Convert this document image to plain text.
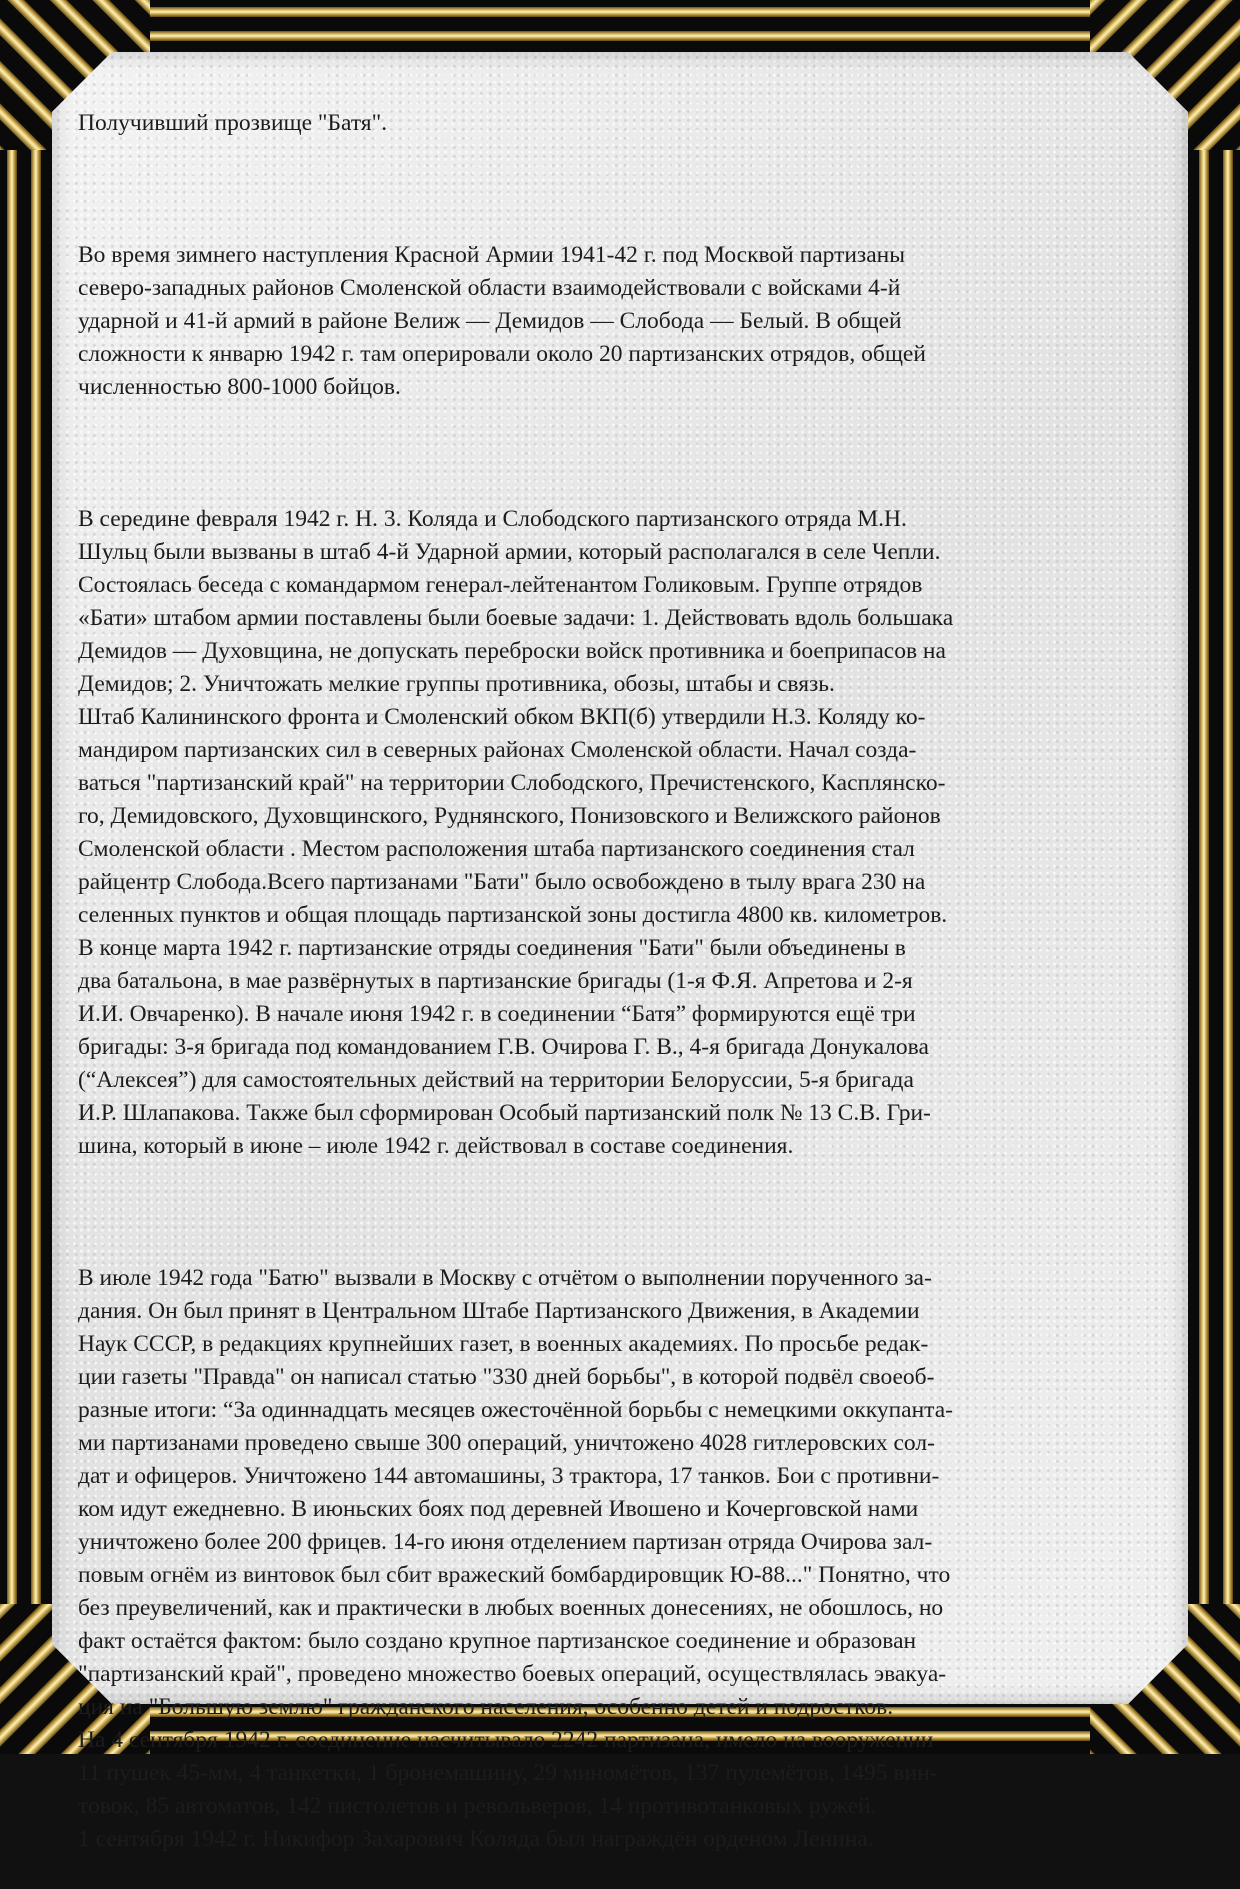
Получивший прозвище "Батя".

Во время зимнего наступления Красной Армии 1941-42 г. под Москвой партизаны
северо-западных районов Смоленской области взаимодействовали с войсками 4-й
ударной и 41-й армий в районе Велиж — Демидов — Слобода — Белый. В общей
сложности к январю 1942 г. там оперировали около 20 партизанских отрядов, общей
численностью 800-1000 бойцов.

В середине февраля 1942 г. Н. 3. Коляда и Слободского партизанского отряда М.Н.
Шульц были вызваны в штаб 4-й Ударной армии, который располагался в селе Чепли.
Состоялась беседа с командармом генерал-лейтенантом Голиковым. Группе отрядов
«Бати» штабом армии поставлены были боевые задачи: 1. Действовать вдоль большака
Демидов — Духовщина, не допускать переброски войск противника и боеприпасов на
Демидов; 2. Уничтожать мелкие группы противника, обозы, штабы и связь.
Штаб Калининского фронта и Смоленский обком ВКП(б) утвердили Н.3. Коляду ко-
мандиром партизанских сил в северных районах Смоленской области. Начал созда-
ваться "партизанский край" на территории Слободского, Пречистенского, Касплянско-
го, Демидовского, Духовщинского, Руднянского, Понизовского и Велижского районов
Смоленской области . Местом расположения штаба партизанского соединения стал
райцентр Слобода.Всего партизанами "Бати" было освобождено в тылу врага 230 на
селенных пунктов и общая площадь партизанской зоны достигла 4800 кв. километров.
В конце марта 1942 г. партизанские отряды соединения "Бати" были объединены в
два батальона, в мае развёрнутых в партизанские бригады (1-я Ф.Я. Апретова и 2-я
И.И. Овчаренко). В начале июня 1942 г. в соединении “Батя” формируются ещё три
бригады: 3-я бригада под командованием Г.В. Очирова Г. В., 4-я бригада Донукалова
(“Алексея”) для самостоятельных действий на территории Белоруссии, 5-я бригада
И.Р. Шлапакова. Также был сформирован Особый партизанский полк № 13 С.В. Гри-
шина, который в июне – июле 1942 г. действовал в составе соединения.

В июле 1942 года "Батю" вызвали в Москву с отчётом о выполнении порученного за-
дания. Он был принят в Центральном Штабе Партизанского Движения, в Академии
Наук СССР, в редакциях крупнейших газет, в военных академиях. По просьбе редак-
ции газеты "Правда" он написал статью "330 дней борьбы", в которой подвёл своеоб-
разные итоги: “За одиннадцать месяцев ожесточённой борьбы с немецкими оккупанта-
ми партизанами проведено свыше 300 операций, уничтожено 4028 гитлеровских сол-
дат и офицеров. Уничтожено 144 автомашины, 3 трактора, 17 танков. Бои с противни-
ком идут ежедневно. В июньских боях под деревней Ивошено и Кочерговской нами
уничтожено более 200 фрицев. 14-го июня отделением партизан отряда Очирова зал-
повым огнём из винтовок был сбит вражеский бомбардировщик Ю-88..." Понятно, что
без преувеличений, как и практически в любых военных донесениях, не обошлось, но
факт остаётся фактом: было создано крупное партизанское соединение и образован
"партизанский край", проведено множество боевых операций, осуществлялась эвакуа-
ция на "Большую землю" гражданского населения, особенно детей и подростков.
На 4 сентября 1942 г. соединение насчитывало 2242 партизана, имело на вооружении
11 пушек 45-мм, 4 танкетки, 1 бронемашину, 29 миномётов, 137 пулемётов, 1495 вин-
товок, 85 автоматов, 142 пистолетов и револьверов, 14 противотанковых ружей.
1 сентября 1942 г. Никифор Захарович Коляда был награждён орденом Ленина.
